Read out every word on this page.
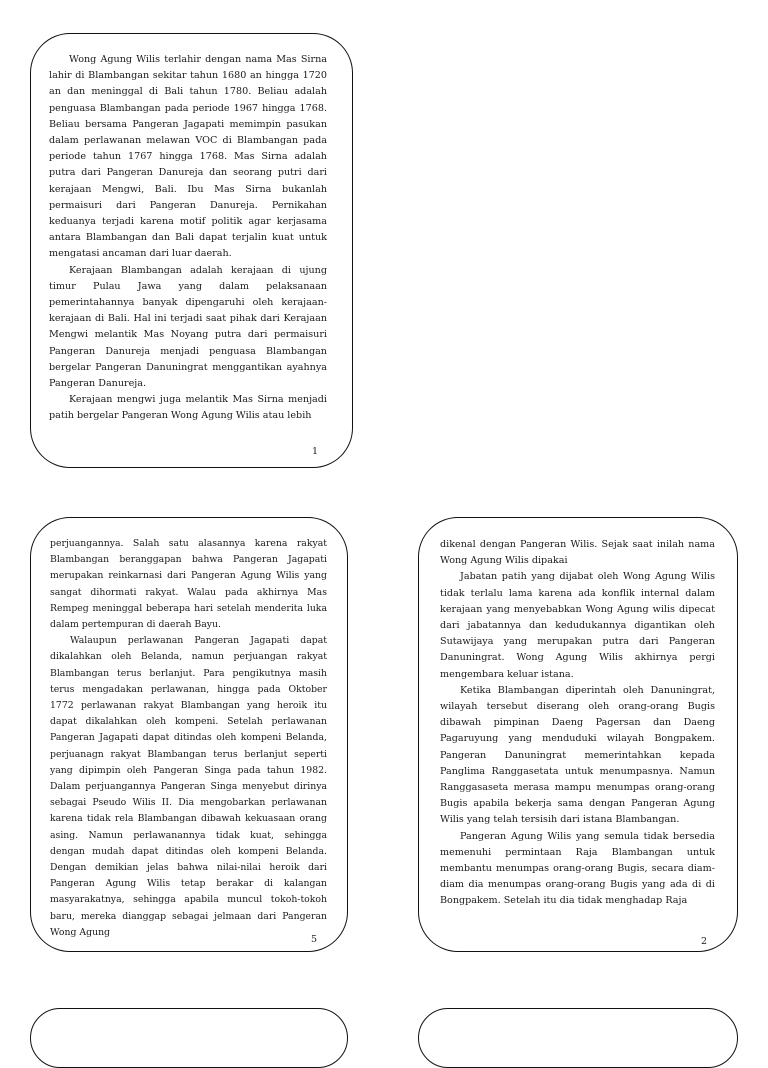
Wong Agung Wilis terlahir dengan nama Mas Sirna lahir di Blambangan sekitar tahun 1680 an hingga 1720 an dan meninggal di Bali tahun 1780. Beliau adalah penguasa Blambangan pada periode 1967 hingga 1768. Beliau bersama Pangeran Jagapati memimpin pasukan dalam perlawanan melawan VOC di Blambangan pada periode tahun 1767 hingga 1768. Mas Sirna adalah putra dari Pangeran Danureja dan seorang putri dari kerajaan Mengwi, Bali. Ibu Mas Sirna bukanlah permaisuri dari Pangeran Danureja. Pernikahan keduanya terjadi karena motif politik agar kerjasama antara Blambangan dan Bali dapat terjalin kuat untuk mengatasi ancaman dari luar daerah.

Kerajaan Blambangan adalah kerajaan di ujung timur Pulau Jawa yang dalam pelaksanaan pemerintahannya banyak dipengaruhi oleh kerajaan-kerajaan di Bali. Hal ini terjadi saat pihak dari Kerajaan Mengwi melantik Mas Noyang putra dari permaisuri Pangeran Danureja menjadi penguasa Blambangan bergelar Pangeran Danuningrat menggantikan ayahnya Pangeran Danureja.

Kerajaan mengwi juga melantik Mas Sirna menjadi patih bergelar Pangeran Wong Agung Wilis atau lebih

1

perjuangannya. Salah satu alasannya karena rakyat Blambangan beranggapan bahwa Pangeran Jagapati merupakan reinkarnasi dari Pangeran Agung Wilis yang sangat dihormati rakyat. Walau pada akhirnya Mas Rempeg meninggal beberapa hari setelah menderita luka dalam pertempuran di daerah Bayu.

Walaupun perlawanan Pangeran Jagapati dapat dikalahkan oleh Belanda, namun perjuangan rakyat Blambangan terus berlanjut. Para pengikutnya masih terus mengadakan perlawanan, hingga pada Oktober 1772 perlawanan rakyat Blambangan yang heroik itu dapat dikalahkan oleh kompeni. Setelah perlawanan Pangeran Jagapati dapat ditindas oleh kompeni Belanda, perjuanagn rakyat Blambangan terus berlanjut seperti yang dipimpin oleh Pangeran Singa pada tahun 1982. Dalam perjuangannya Pangeran Singa menyebut dirinya sebagai Pseudo Wilis II. Dia mengobarkan perlawanan karena tidak rela Blambangan dibawah kekuasaan orang asing. Namun perlawanannya tidak kuat, sehingga dengan mudah dapat ditindas oleh kompeni Belanda. Dengan demikian jelas bahwa nilai-nilai heroik dari Pangeran Agung Wilis tetap berakar di kalangan masyarakatnya, sehingga apabila muncul tokoh-tokoh baru, mereka dianggap sebagai jelmaan dari Pangeran Wong Agung

5

dikenal dengan Pangeran Wilis. Sejak saat inilah nama Wong Agung Wilis dipakai

Jabatan patih yang dijabat oleh Wong Agung Wilis tidak terlalu lama karena ada konflik internal dalam kerajaan yang menyebabkan Wong Agung wilis dipecat dari jabatannya dan kedudukannya digantikan oleh Sutawijaya yang merupakan putra dari Pangeran Danuningrat. Wong Agung Wilis akhirnya pergi mengembara keluar istana.

Ketika Blambangan diperintah oleh Danuningrat, wilayah tersebut diserang oleh orang-orang Bugis dibawah pimpinan Daeng Pagersan dan Daeng Pagaruyung yang menduduki wilayah Bongpakem. Pangeran Danuningrat memerintahkan kepada Panglima Ranggasetata untuk menumpasnya. Namun Ranggasaseta merasa mampu menumpas orang-orang Bugis apabila bekerja sama dengan Pangeran Agung Wilis yang telah tersisih dari istana Blambangan.

Pangeran Agung Wilis yang semula tidak bersedia memenuhi permintaan Raja Blambangan untuk membantu menumpas orang-orang Bugis, secara diam-diam dia menumpas orang-orang Bugis yang ada di di Bongpakem. Setelah itu dia tidak menghadap Raja

2
